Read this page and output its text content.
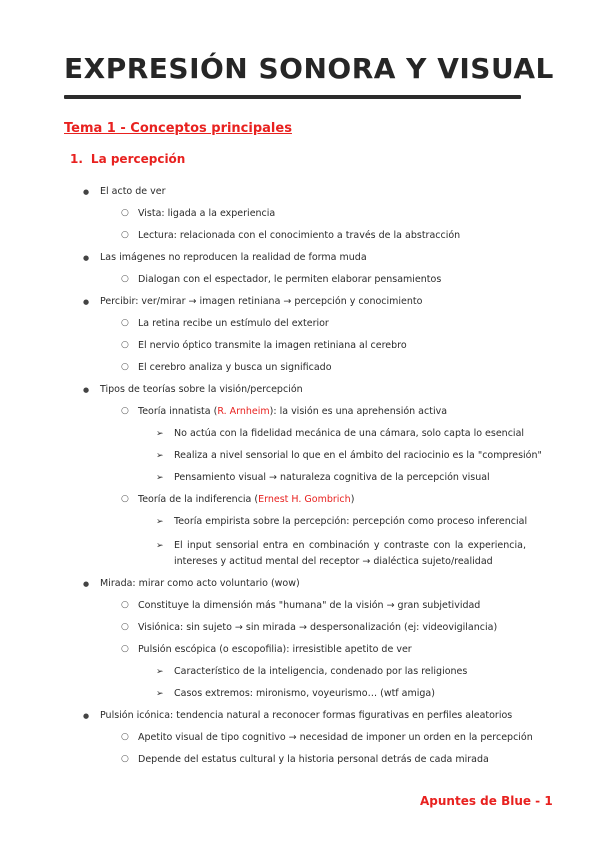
EXPRESIÓN SONORA Y VISUAL
Tema 1 - Conceptos principales
1. La percepción
● El acto de ver
○ Vista: ligada a la experiencia
○ Lectura: relacionada con el conocimiento a través de la abstracción
● Las imágenes no reproducen la realidad de forma muda
○ Dialogan con el espectador, le permiten elaborar pensamientos
● Percibir: ver/mirar → imagen retiniana → percepción y conocimiento
○ La retina recibe un estímulo del exterior
○ El nervio óptico transmite la imagen retiniana al cerebro
○ El cerebro analiza y busca un significado
● Tipos de teorías sobre la visión/percepción
○ Teoría innatista (R. Arnheim): la visión es una aprehensión activa
➢ No actúa con la fidelidad mecánica de una cámara, solo capta lo esencial
➢ Realiza a nivel sensorial lo que en el ámbito del raciocinio es la "compresión"
➢ Pensamiento visual → naturaleza cognitiva de la percepción visual
○ Teoría de la indiferencia (Ernest H. Gombrich)
➢ Teoría empirista sobre la percepción: percepción como proceso inferencial
➢ El input sensorial entra en combinación y contraste con la experiencia, intereses y actitud mental del receptor → dialéctica sujeto/realidad
● Mirada: mirar como acto voluntario (wow)
○ Constituye la dimensión más "humana" de la visión → gran subjetividad
○ Visiónica: sin sujeto → sin mirada → despersonalización (ej: videovigilancia)
○ Pulsión escópica (o escopofilia): irresistible apetito de ver
➢ Característico de la inteligencia, condenado por las religiones
➢ Casos extremos: mironismo, voyeurismo… (wtf amiga)
● Pulsión icónica: tendencia natural a reconocer formas figurativas en perfiles aleatorios
○ Apetito visual de tipo cognitivo → necesidad de imponer un orden en la percepción
○ Depende del estatus cultural y la historia personal detrás de cada mirada
Apuntes de Blue - 1
